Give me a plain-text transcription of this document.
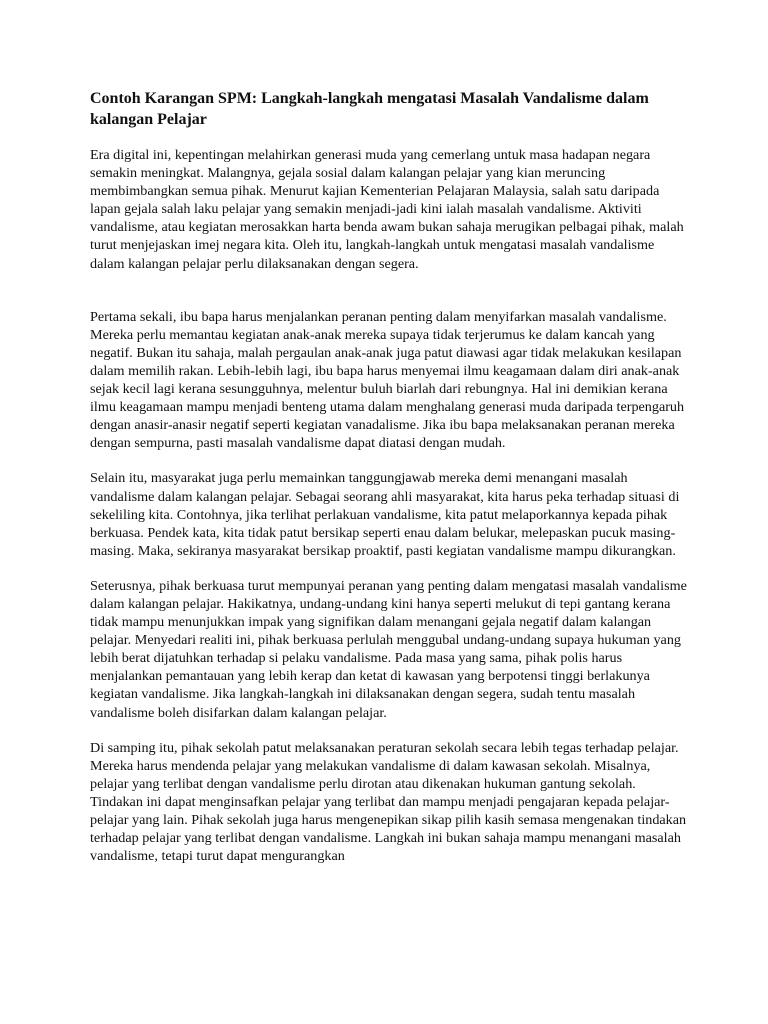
Contoh Karangan SPM: Langkah-langkah mengatasi Masalah Vandalisme dalam kalangan Pelajar

Era digital ini, kepentingan melahirkan generasi muda yang cemerlang untuk masa hadapan negara semakin meningkat. Malangnya, gejala sosial dalam kalangan pelajar yang kian meruncing membimbangkan semua pihak. Menurut kajian Kementerian Pelajaran Malaysia, salah satu daripada lapan gejala salah laku pelajar yang semakin menjadi-jadi kini ialah masalah vandalisme. Aktiviti vandalisme, atau kegiatan merosakkan harta benda awam bukan sahaja merugikan pelbagai pihak, malah turut menjejaskan imej negara kita. Oleh itu, langkah-langkah untuk mengatasi masalah vandalisme dalam kalangan pelajar perlu dilaksanakan dengan segera.

Pertama sekali, ibu bapa harus menjalankan peranan penting dalam menyifarkan masalah vandalisme. Mereka perlu memantau kegiatan anak-anak mereka supaya tidak terjerumus ke dalam kancah yang negatif. Bukan itu sahaja, malah pergaulan anak-anak juga patut diawasi agar tidak melakukan kesilapan dalam memilih rakan. Lebih-lebih lagi, ibu bapa harus menyemai ilmu keagamaan dalam diri anak-anak sejak kecil lagi kerana sesungguhnya, melentur buluh biarlah dari rebungnya. Hal ini demikian kerana ilmu keagamaan mampu menjadi benteng utama dalam menghalang generasi muda daripada terpengaruh dengan anasir-anasir negatif seperti kegiatan vanadalisme. Jika ibu bapa melaksanakan peranan mereka dengan sempurna, pasti masalah vandalisme dapat diatasi dengan mudah.

Selain itu, masyarakat juga perlu memainkan tanggungjawab mereka demi menangani masalah vandalisme dalam kalangan pelajar. Sebagai seorang ahli masyarakat, kita harus peka terhadap situasi di sekeliling kita. Contohnya, jika terlihat perlakuan vandalisme, kita patut melaporkannya kepada pihak berkuasa. Pendek kata, kita tidak patut bersikap seperti enau dalam belukar, melepaskan pucuk masing-masing. Maka, sekiranya masyarakat bersikap proaktif, pasti kegiatan vandalisme mampu dikurangkan.

Seterusnya, pihak berkuasa turut mempunyai peranan yang penting dalam mengatasi masalah vandalisme dalam kalangan pelajar. Hakikatnya, undang-undang kini hanya seperti melukut di tepi gantang kerana tidak mampu menunjukkan impak yang signifikan dalam menangani gejala negatif dalam kalangan pelajar. Menyedari realiti ini, pihak berkuasa perlulah menggubal undang-undang supaya hukuman yang lebih berat dijatuhkan terhadap si pelaku vandalisme. Pada masa yang sama, pihak polis harus menjalankan pemantauan yang lebih kerap dan ketat di kawasan yang berpotensi tinggi berlakunya kegiatan vandalisme. Jika langkah-langkah ini dilaksanakan dengan segera, sudah tentu masalah vandalisme boleh disifarkan dalam kalangan pelajar.

Di samping itu, pihak sekolah patut melaksanakan peraturan sekolah secara lebih tegas terhadap pelajar. Mereka harus mendenda pelajar yang melakukan vandalisme di dalam kawasan sekolah. Misalnya, pelajar yang terlibat dengan vandalisme perlu dirotan atau dikenakan hukuman gantung sekolah. Tindakan ini dapat menginsafkan pelajar yang terlibat dan mampu menjadi pengajaran kepada pelajar-pelajar yang lain. Pihak sekolah juga harus mengenepikan sikap pilih kasih semasa mengenakan tindakan terhadap pelajar yang terlibat dengan vandalisme. Langkah ini bukan sahaja mampu menangani masalah vandalisme, tetapi turut dapat mengurangkan
